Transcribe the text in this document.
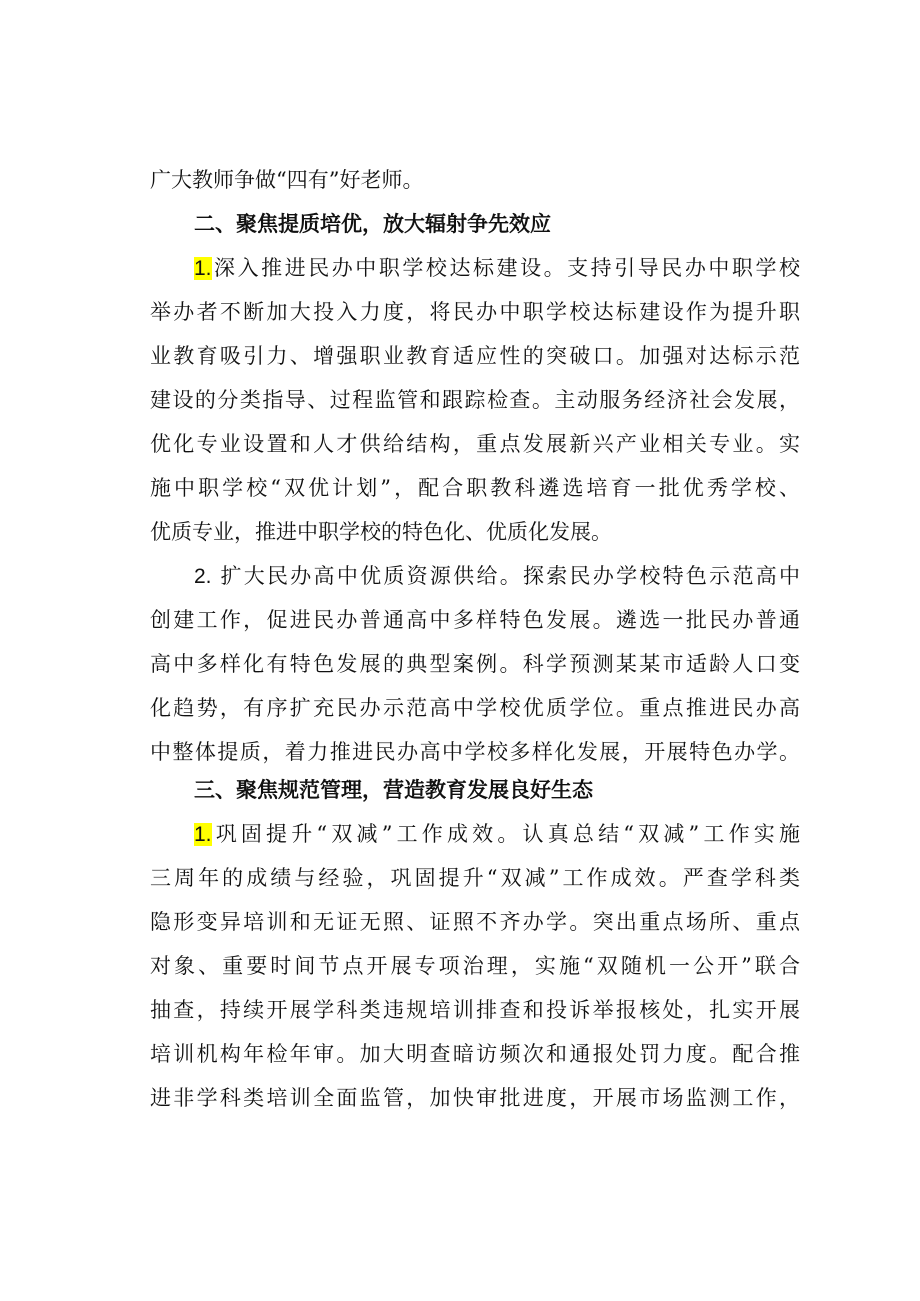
广大教师争做“四有”好老师。
二、聚焦提质培优，放大辐射争先效应
1.深入推进民办中职学校达标建设。支持引导民办中职学校
举办者不断加大投入力度，将民办中职学校达标建设作为提升职
业教育吸引力、增强职业教育适应性的突破口。加强对达标示范
建设的分类指导、过程监管和跟踪检查。主动服务经济社会发展，
优化专业设置和人才供给结构，重点发展新兴产业相关专业。实
施中职学校“双优计划”，配合职教科遴选培育一批优秀学校、
优质专业，推进中职学校的特色化、优质化发展。
2. 扩大民办高中优质资源供给。探索民办学校特色示范高中
创建工作，促进民办普通高中多样特色发展。遴选一批民办普通
高中多样化有特色发展的典型案例。科学预测某某市适龄人口变
化趋势，有序扩充民办示范高中学校优质学位。重点推进民办高
中整体提质，着力推进民办高中学校多样化发展，开展特色办学。
三、聚焦规范管理，营造教育发展良好生态
1.巩固提升“双减”工作成效。认真总结“双减”工作实施
三周年的成绩与经验，巩固提升“双减”工作成效。严查学科类
隐形变异培训和无证无照、证照不齐办学。突出重点场所、重点
对象、重要时间节点开展专项治理，实施“双随机一公开”联合
抽查，持续开展学科类违规培训排查和投诉举报核处，扎实开展
培训机构年检年审。加大明查暗访频次和通报处罚力度。配合推
进非学科类培训全面监管，加快审批进度，开展市场监测工作，
